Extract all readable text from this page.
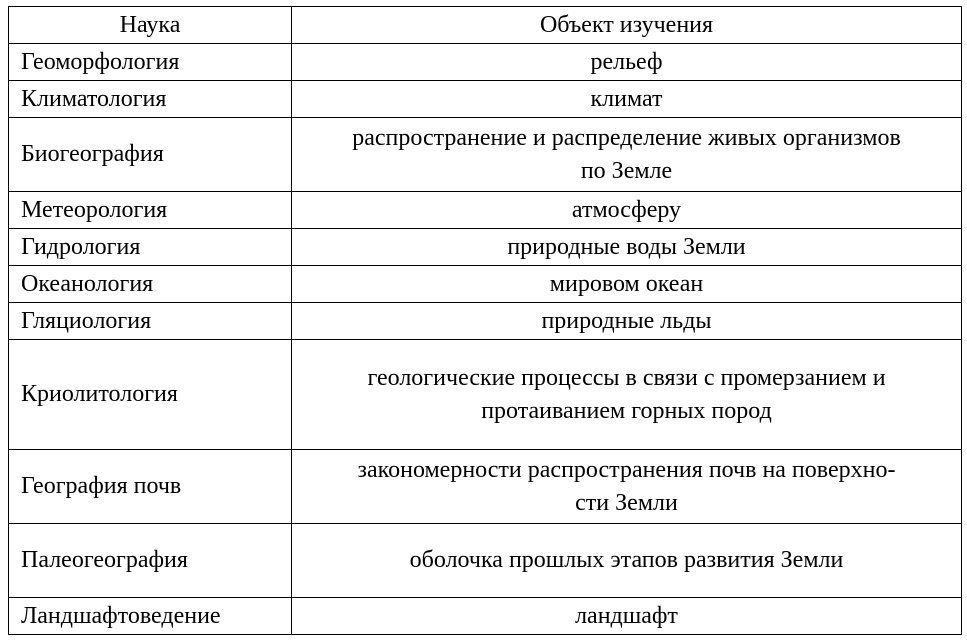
Наука	Объект изучения
Геоморфология	рельеф
Климатология	климат
Биогеография	распространение и распределение живых организмов
по Земле
Метеорология	атмосферу
Гидрология	природные воды Земли
Океанология	мировом океан
Гляциология	природные льды
Криолитология	геологические процессы в связи с промерзанием и
протаиванием горных пород
География почв	закономерности распространения почв на поверхно-
сти Земли
Палеогеография	оболочка прошлых этапов развития Земли
Ландшафтоведение	ландшафт
